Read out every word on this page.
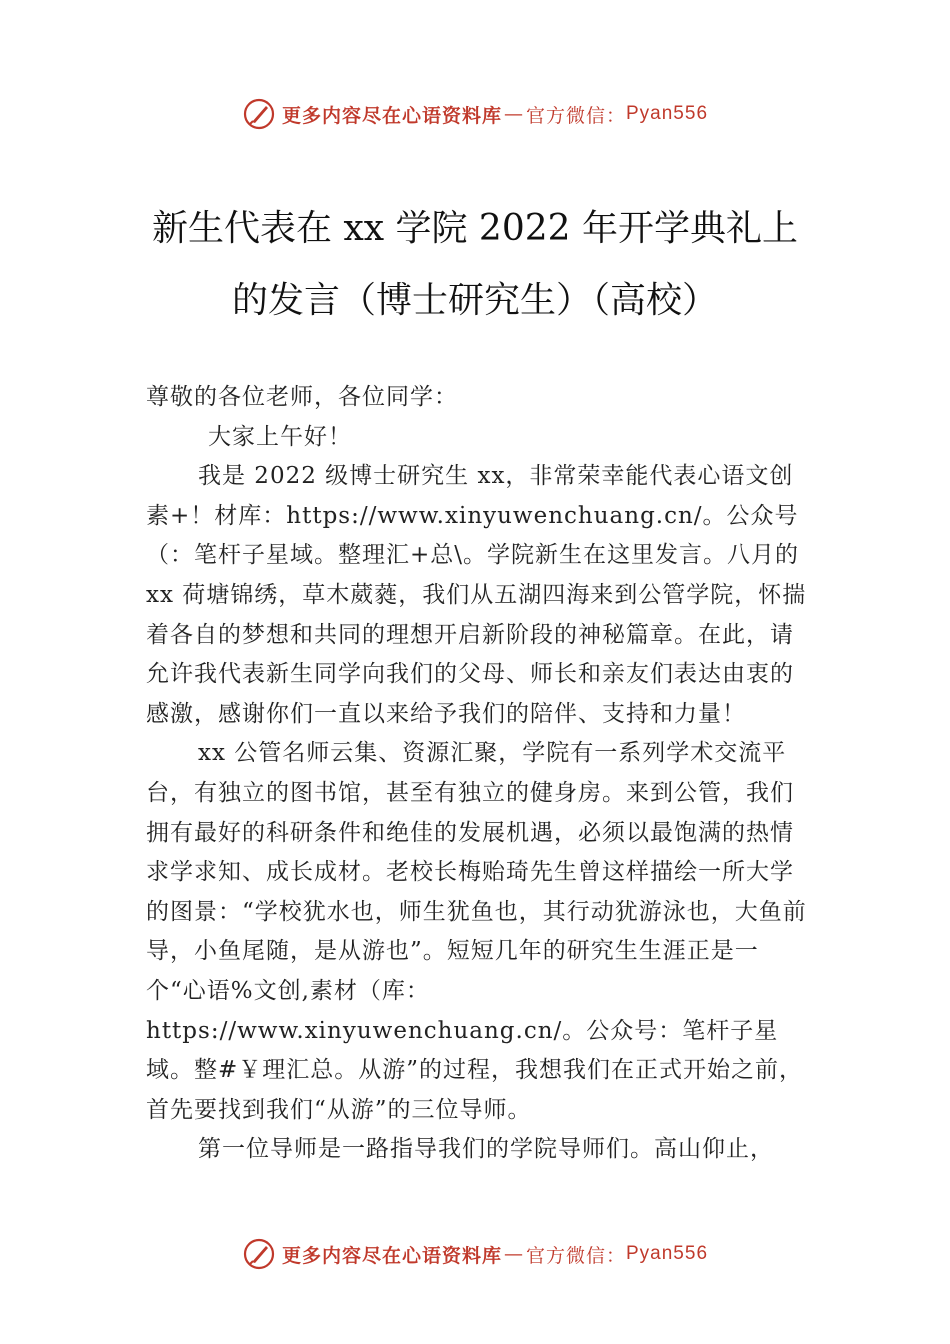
更多内容尽在心语资料库 — 官方微信： Pyan556
新生代表在 xx 学院 2022 年开学典礼上
的发言（博士研究生）（高校）

尊敬的各位老师，各位同学：

大家上午好！

我是 2022 级博士研究生 xx，非常荣幸能代表心语文创素+！材库：https://www.xinyuwenchuang.cn/。公众号（：笔杆子星域。整理汇+总\。学院新生在这里发言。八月的 xx 荷塘锦绣，草木葳蕤，我们从五湖四海来到公管学院，怀揣着各自的梦想和共同的理想开启新阶段的神秘篇章。在此，请允许我代表新生同学向我们的父母、师长和亲友们表达由衷的感激，感谢你们一直以来给予我们的陪伴、支持和力量！

xx 公管名师云集、资源汇聚，学院有一系列学术交流平台，有独立的图书馆，甚至有独立的健身房。来到公管，我们拥有最好的科研条件和绝佳的发展机遇，必须以最饱满的热情求学求知、成长成材。老校长梅贻琦先生曾这样描绘一所大学的图景：“学校犹水也，师生犹鱼也，其行动犹游泳也，大鱼前导，小鱼尾随，是从游也”。短短几年的研究生生涯正是一个“心语%文创,素材（库：https://www.xinyuwenchuang.cn/。公众号：笔杆子星域。整#￥理汇总。从游”的过程，我想我们在正式开始之前，首先要找到我们“从游”的三位导师。

第一位导师是一路指导我们的学院导师们。高山仰止，

更多内容尽在心语资料库 — 官方微信： Pyan556
